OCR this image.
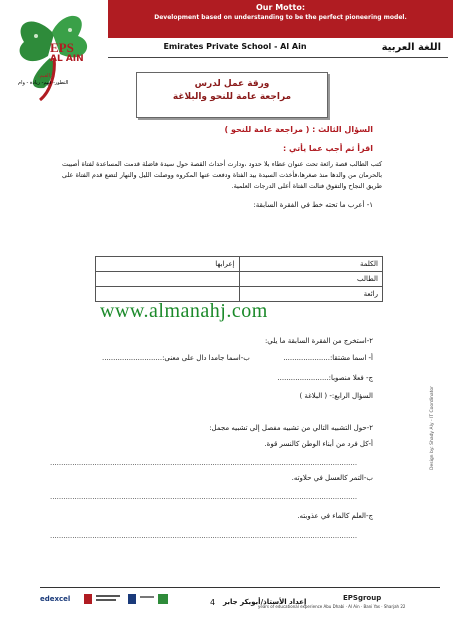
Our Motto:
Development based on understanding to be the perfect pioneering model.
Emirates Private School - Al Ain	اللغة العربية
EPS
AL AIN
القيم:
التطور- فهم- ريادة - وام	ورقة عمل لدرس
مراجعة عامة للنحو والبلاغة
السؤال الثالث : ( مراجعة عامة للنحو )
اقرأ ثم أجب عما يأتي :
كتب الطالب قصة رائعة تحت عنوان عطاء بلا حدود ،ودارت أحداث القصة حول سيدة فاضلة قدمت المساعدة لفتاة أصيبت بالحرمان من والدها منذ صغرها،فأخذت السيدة بيد الفتاة ودفعت عنها المكروه ووصلت الليل والنهار لتضع قدم الفتاة على طريق النجاح والتفوق فنالت الفتاة أعلى الدرجات العلمية.
١- أعرب ما تحته خط في الفقرة السابقة:
الكلمة	إعرابها
الطالب	
رائعة	
www.almanahj.com
٢-استخرج من الفقرة السابقة ما يلي:
أ- اسما مشتقا:.....................
ب-اسما جامدا دال على معنى:...........................
ج- فعلا منصوبا:.......................
السؤال الرابع:- ( البلاغة )
٢-حول التشبيه التالي من تشبيه مفصل إلى تشبيه مجمل:
أ-كل فرد من أبناء الوطن كالنسر قوة.
..........................................................................................................................................
ب-التمر كالعسل في حلاوته.
..........................................................................................................................................
ج-العلم كالماء في عذوبته.
..........................................................................................................................................
Design by: Shady Aly - IT Coordinator
edexcel	4 إعداد الأستاذ/أبوبكر جابر	EPSgroup
22 years of educational experience Abu Dhabi · Al Ain · Bani Yas · Sharjah
